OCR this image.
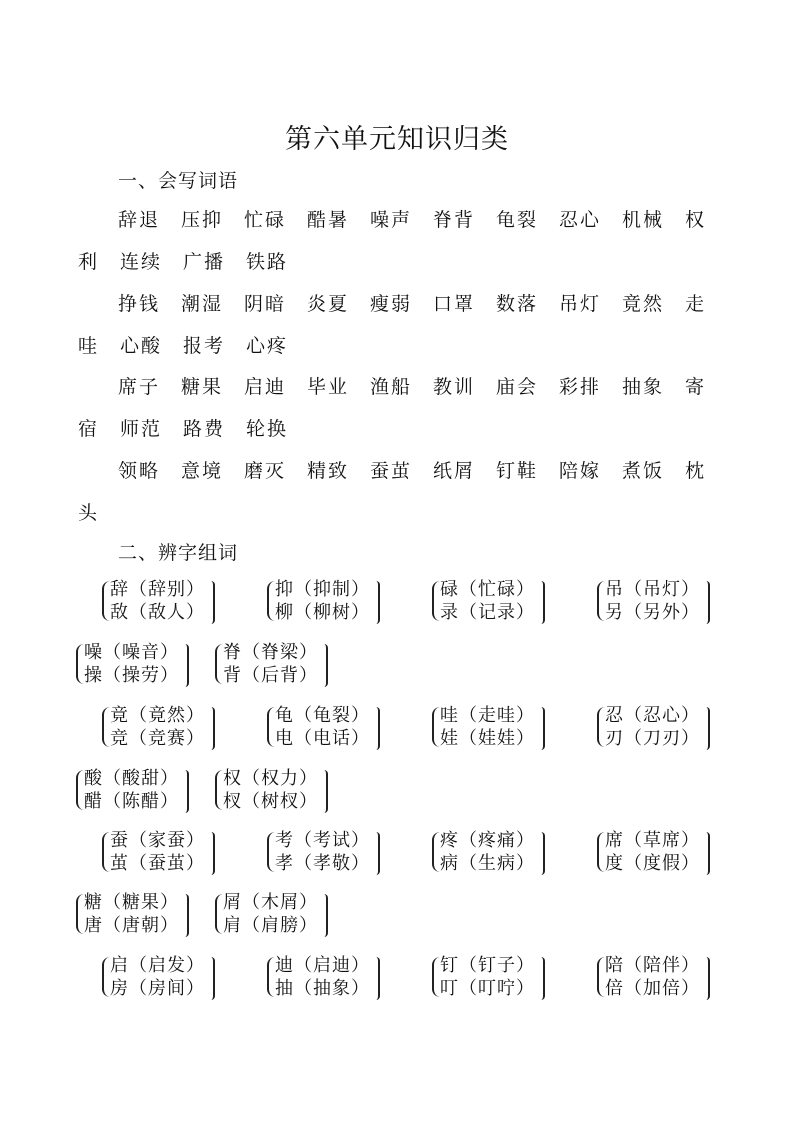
第六单元知识归类
一、会写词语
辞退　压抑　忙碌　酷暑　噪声　脊背　龟裂　忍心　机械　权
利　连续　广播　铁路
挣钱　潮湿　阴暗　炎夏　瘦弱　口罩　数落　吊灯　竟然　走
哇　心酸　报考　心疼
席子　糖果　启迪　毕业　渔船　教训　庙会　彩排　抽象　寄
宿　师范　路费　轮换
领略　意境　磨灭　精致　蚕茧　纸屑　钉鞋　陪嫁　煮饭　枕
头
二、辨字组词
辞（辞别）
敌（敌人）
抑（抑制）
柳（柳树）
碌（忙碌）
录（记录）
吊（吊灯）
另（另外）
噪（噪音）
操（操劳）
脊（脊梁）
背（后背）
竟（竟然）
竞（竞赛）
龟（龟裂）
电（电话）
哇（走哇）
娃（娃娃）
忍（忍心）
刃（刀刃）
酸（酸甜）
醋（陈醋）
权（权力）
杈（树杈）
蚕（家蚕）
茧（蚕茧）
考（考试）
孝（孝敬）
疼（疼痛）
病（生病）
席（草席）
度（度假）
糖（糖果）
唐（唐朝）
屑（木屑）
肩（肩膀）
启（启发）
房（房间）
迪（启迪）
抽（抽象）
钉（钉子）
叮（叮咛）
陪（陪伴）
倍（加倍）
